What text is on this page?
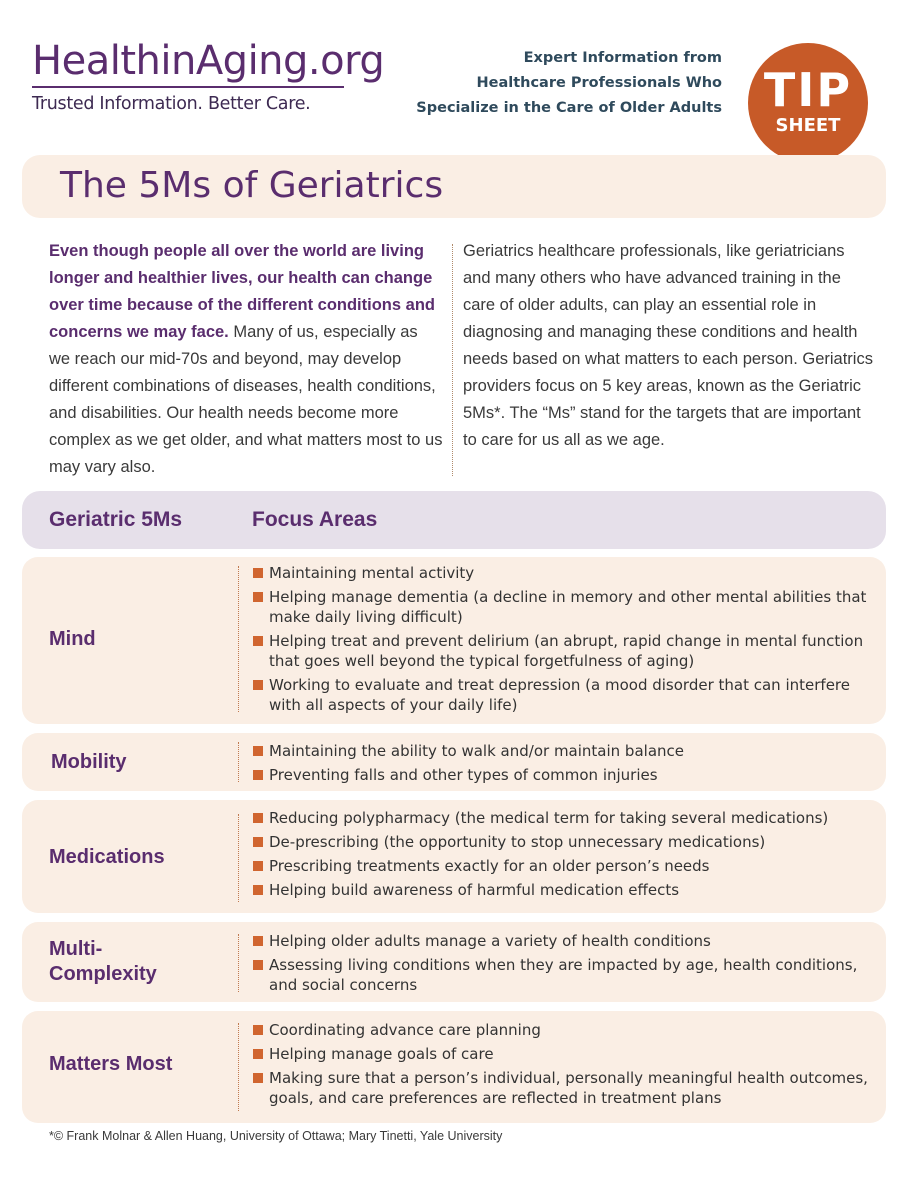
HealthinAging.org
Trusted Information. Better Care.
Expert Information from
Healthcare Professionals Who
Specialize in the Care of Older Adults TIP
SHEET
The 5Ms of Geriatrics
Even though people all over the world are living longer and healthier lives, our health can change over time because of the different conditions and concerns we may face. Many of us, especially as we reach our mid-70s and beyond, may develop different combinations of diseases, health conditions, and disabilities. Our health needs become more complex as we get older, and what matters most to us may vary also.
Geriatrics healthcare professionals, like geriatricians and many others who have advanced training in the care of older adults, can play an essential role in diagnosing and managing these conditions and health needs based on what matters to each person. Geriatrics providers focus on 5 key areas, known as the Geriatric 5Ms*. The “Ms” stand for the targets that are important to care for us all as we age.
Geriatric 5Ms	Focus Areas
Mind
Maintaining mental activity
Helping manage dementia (a decline in memory and other mental abilities that make daily living difficult)
Helping treat and prevent delirium (an abrupt, rapid change in mental function that goes well beyond the typical forgetfulness of aging)
Working to evaluate and treat depression (a mood disorder that can interfere with all aspects of your daily life)
Mobility	Maintaining the ability to walk and/or maintain balance
Preventing falls and other types of common injuries
Medications
Reducing polypharmacy (the medical term for taking several medications)
De-prescribing (the opportunity to stop unnecessary medications)
Prescribing treatments exactly for an older person’s needs
Helping build awareness of harmful medication effects
Multi-
Complexity
Helping older adults manage a variety of health conditions
Assessing living conditions when they are impacted by age, health conditions, and social concerns
Matters Most
Coordinating advance care planning
Helping manage goals of care
Making sure that a person’s individual, personally meaningful health outcomes, goals, and care preferences are reflected in treatment plans
*© Frank Molnar & Allen Huang, University of Ottawa; Mary Tinetti, Yale University
